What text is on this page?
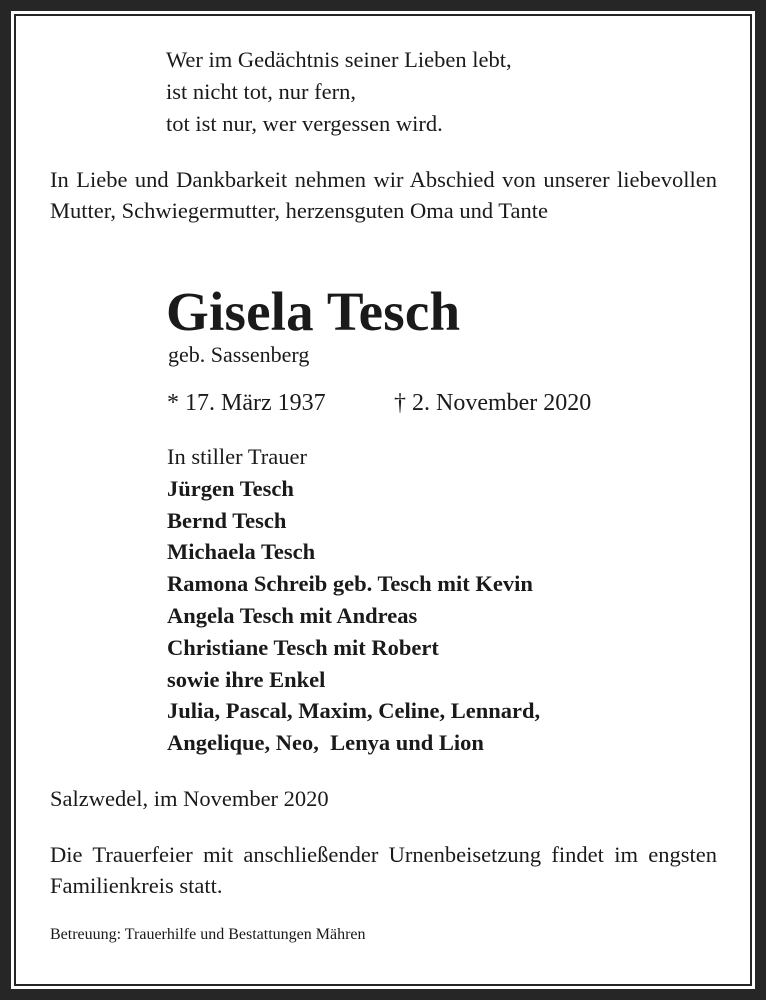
Wer im Gedächtnis seiner Lieben lebt,
ist nicht tot, nur fern,
tot ist nur, wer vergessen wird.
In Liebe und Dankbarkeit nehmen wir Abschied von unserer liebevollen Mutter, Schwiegermutter, herzensguten Oma und Tante
Gisela Tesch
geb. Sassenberg
* 17. März 1937	† 2. November 2020
In stiller Trauer
Jürgen Tesch
Bernd Tesch
Michaela Tesch
Ramona Schreib geb. Tesch mit Kevin
Angela Tesch mit Andreas
Christiane Tesch mit Robert
sowie ihre Enkel
Julia, Pascal, Maxim, Celine, Lennard,
Angelique, Neo,  Lenya und Lion
Salzwedel, im November 2020
Die Trauerfeier mit anschließender Urnenbeisetzung findet im engsten Familienkreis statt.
Betreuung: Trauerhilfe und Bestattungen Mähren
